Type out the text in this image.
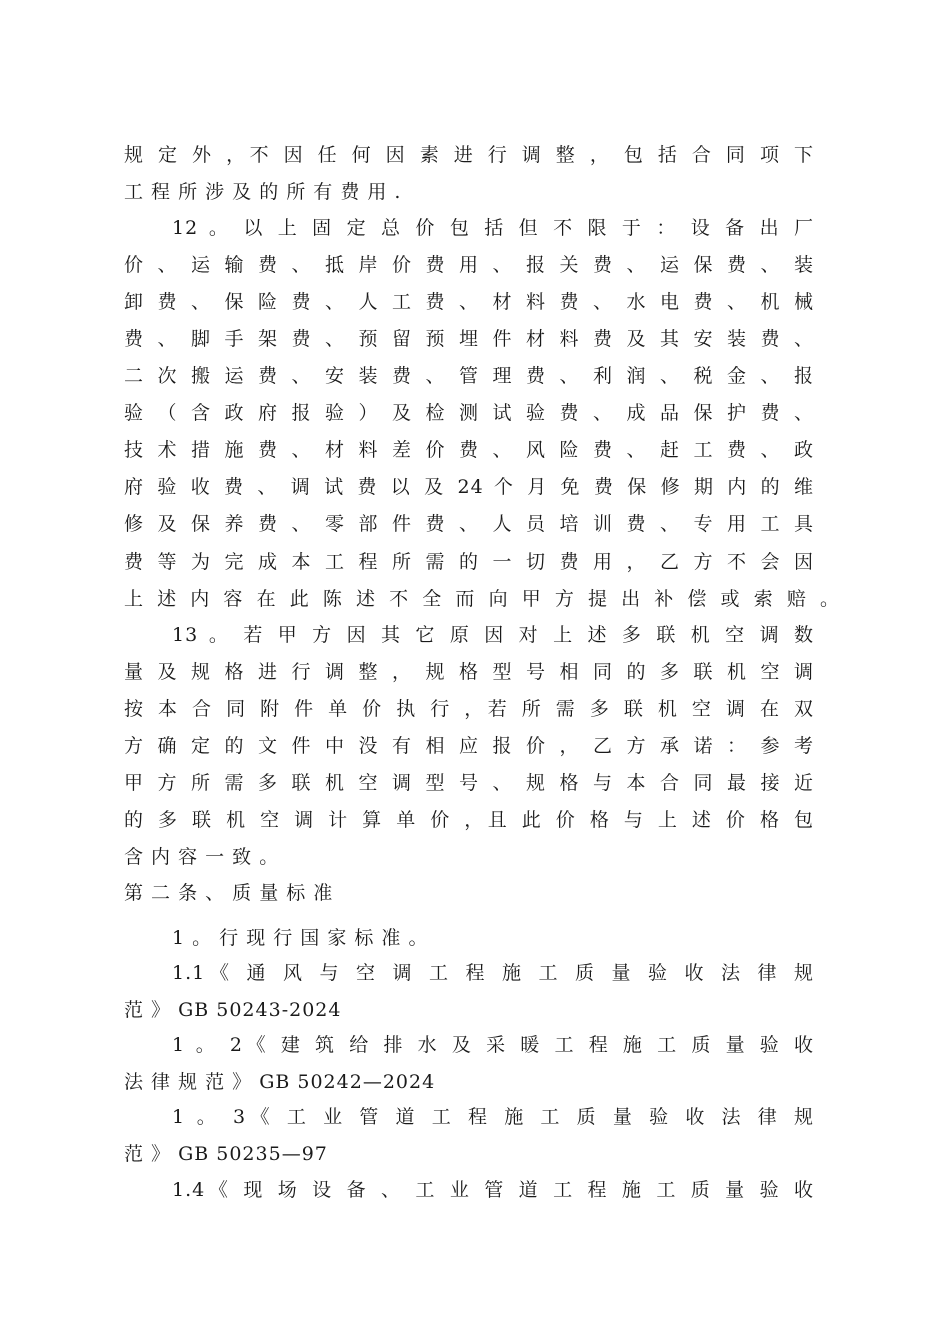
规 定 外 ，不 因 任 何 因 素 进 行 调 整 ， 包 括 合 同 项 下
工 程 所 涉 及 的 所 有 费 用 .
12 。 以 上 固 定 总 价 包 括 但 不 限 于 ： 设 备 出 厂
价 、 运 输 费 、 抵 岸 价 费 用 、 报 关 费 、 运 保 费 、 装
卸 费 、 保 险 费 、 人 工 费 、 材 料 费 、 水 电 费 、 机 械
费 、 脚 手 架 费 、 预 留 预 埋 件 材 料 费 及 其 安 装 费 、
二 次 搬 运 费 、 安 装 费 、 管 理 费 、 利 润 、 税 金 、 报
验 （ 含 政 府 报 验 ） 及 检 测 试 验 费 、 成 品 保 护 费 、
技 术 措 施 费 、 材 料 差 价 费 、 风 险 费 、 赶 工 费 、 政
府 验 收 费 、 调 试 费 以 及 24 个 月 免 费 保 修 期 内 的 维
修 及 保 养 费 、 零 部 件 费 、 人 员 培 训 费 、 专 用 工 具
费 等 为 完 成 本 工 程 所 需 的 一 切 费 用 ， 乙 方 不 会 因
上 述 内 容 在 此 陈 述 不 全 而 向 甲 方 提 出 补 偿 或 索 赔 。
13 。 若 甲 方 因 其 它 原 因 对 上 述 多 联 机 空 调 数
量 及 规 格 进 行 调 整 ， 规 格 型 号 相 同 的 多 联 机 空 调
按 本 合 同 附 件 单 价 执 行 ，若 所 需 多 联 机 空 调 在 双
方 确 定 的 文 件 中 没 有 相 应 报 价 ， 乙 方 承 诺 ： 参 考
甲 方 所 需 多 联 机 空 调 型 号 、 规 格 与 本 合 同 最 接 近
的 多 联 机 空 调 计 算 单 价 ，且 此 价 格 与 上 述 价 格 包
含 内 容 一 致 。
第 二 条 、 质 量 标 准
1 。 行 现 行 国 家 标 准 。
1.1《 通 风 与 空 调 工 程 施 工 质 量 验 收 法 律 规
范 》 GB 50243-2024
1 。 2《 建 筑 给 排 水 及 采 暖 工 程 施 工 质 量 验 收
法 律 规 范 》 GB 50242—2024
1 。 3《 工 业 管 道 工 程 施 工 质 量 验 收 法 律 规
范 》 GB 50235—97
1.4《 现 场 设 备 、 工 业 管 道 工 程 施 工 质 量 验 收
